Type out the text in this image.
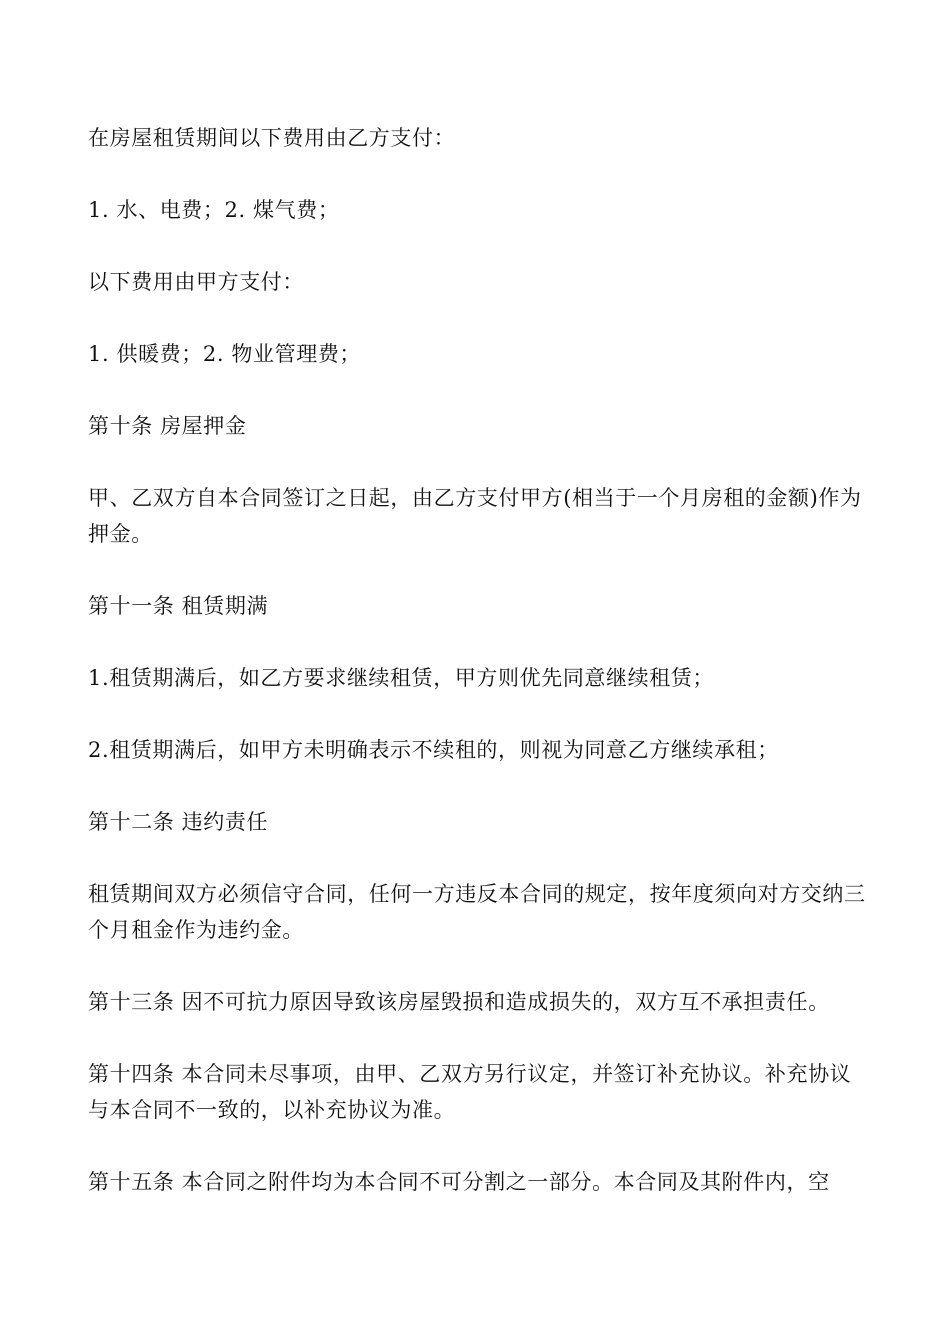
在房屋租赁期间以下费用由乙方支付：

1. 水、电费；2. 煤气费；

以下费用由甲方支付：

1. 供暖费；2. 物业管理费；

第十条 房屋押金

甲、乙双方自本合同签订之日起，由乙方支付甲方(相当于一个月房租的金额)作为押金。

第十一条 租赁期满

1.租赁期满后，如乙方要求继续租赁，甲方则优先同意继续租赁；

2.租赁期满后，如甲方未明确表示不续租的，则视为同意乙方继续承租；

第十二条 违约责任

租赁期间双方必须信守合同，任何一方违反本合同的规定，按年度须向对方交纳三个月租金作为违约金。

第十三条 因不可抗力原因导致该房屋毁损和造成损失的，双方互不承担责任。

第十四条 本合同未尽事项，由甲、乙双方另行议定，并签订补充协议。补充协议与本合同不一致的，以补充协议为准。

第十五条 本合同之附件均为本合同不可分割之一部分。本合同及其附件内，空
